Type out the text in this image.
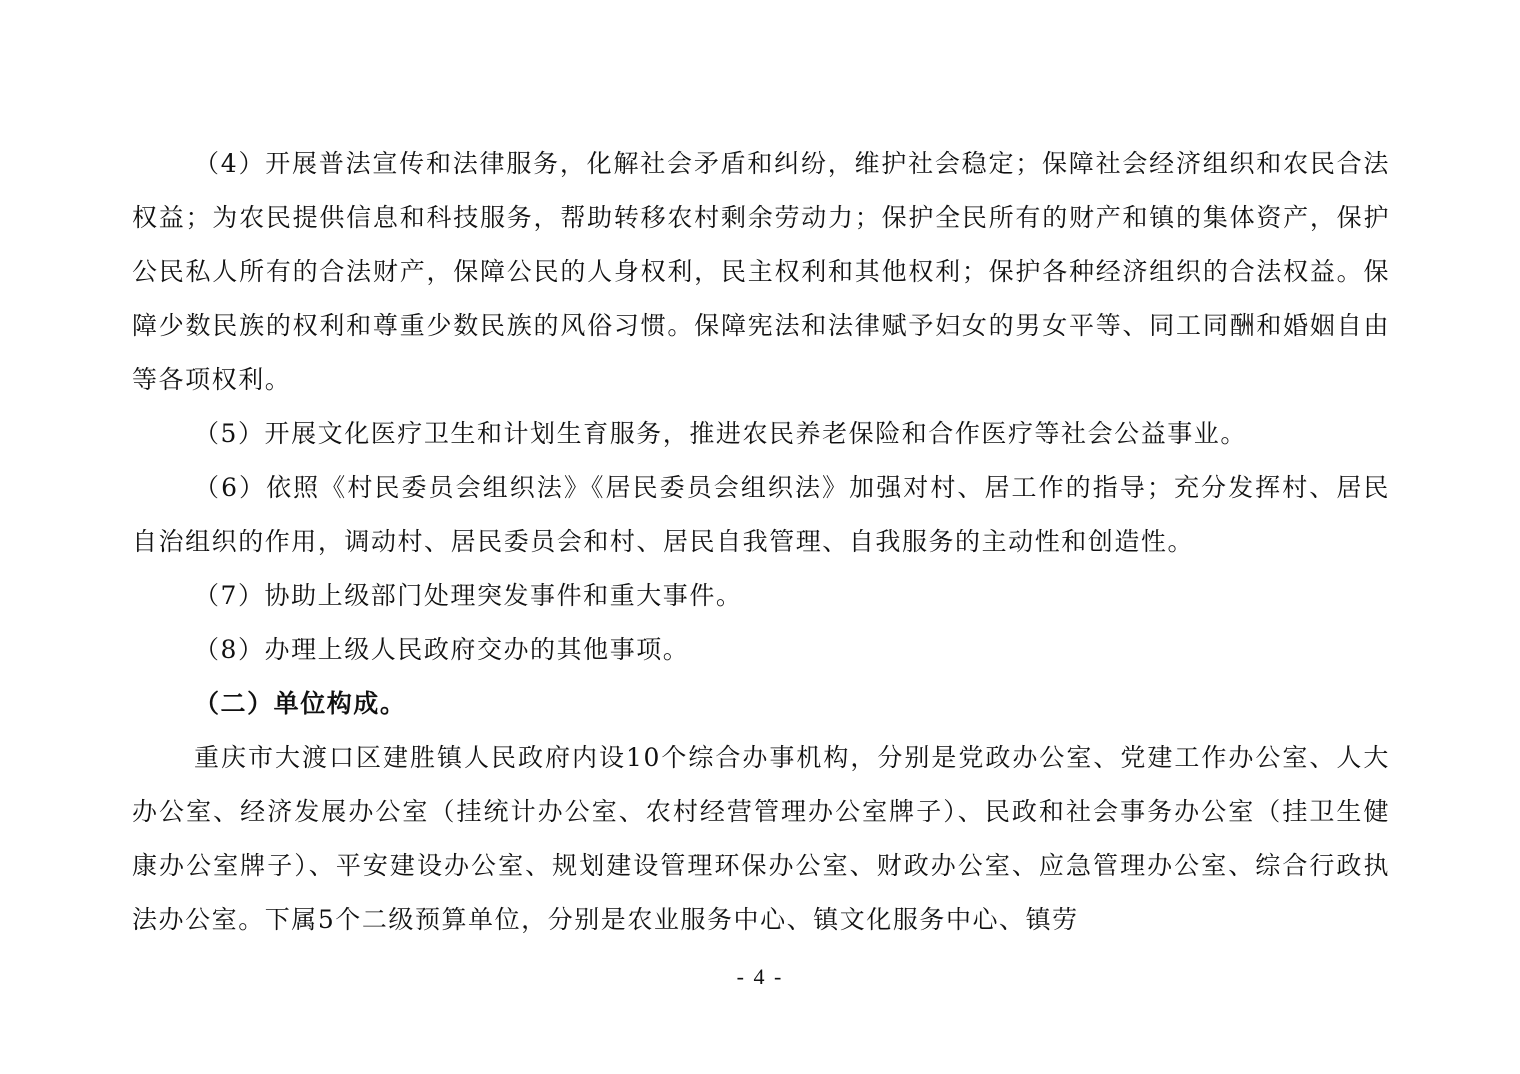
（4）开展普法宣传和法律服务，化解社会矛盾和纠纷，维护社会稳定；保障社会经济组织和农民合法权益；为农民提供信息和科技服务，帮助转移农村剩余劳动力；保护全民所有的财产和镇的集体资产，保护公民私人所有的合法财产，保障公民的人身权利，民主权利和其他权利；保护各种经济组织的合法权益。保障少数民族的权利和尊重少数民族的风俗习惯。保障宪法和法律赋予妇女的男女平等、同工同酬和婚姻自由等各项权利。

（5）开展文化医疗卫生和计划生育服务，推进农民养老保险和合作医疗等社会公益事业。

（6）依照《村民委员会组织法》《居民委员会组织法》加强对村、居工作的指导；充分发挥村、居民自治组织的作用，调动村、居民委员会和村、居民自我管理、自我服务的主动性和创造性。

（7）协助上级部门处理突发事件和重大事件。

（8）办理上级人民政府交办的其他事项。

（二）单位构成。

重庆市大渡口区建胜镇人民政府内设10个综合办事机构，分别是党政办公室、党建工作办公室、人大办公室、经济发展办公室（挂统计办公室、农村经营管理办公室牌子）、民政和社会事务办公室（挂卫生健康办公室牌子）、平安建设办公室、规划建设管理环保办公室、财政办公室、应急管理办公室、综合行政执法办公室。下属5个二级预算单位，分别是农业服务中心、镇文化服务中心、镇劳

- 4 -
